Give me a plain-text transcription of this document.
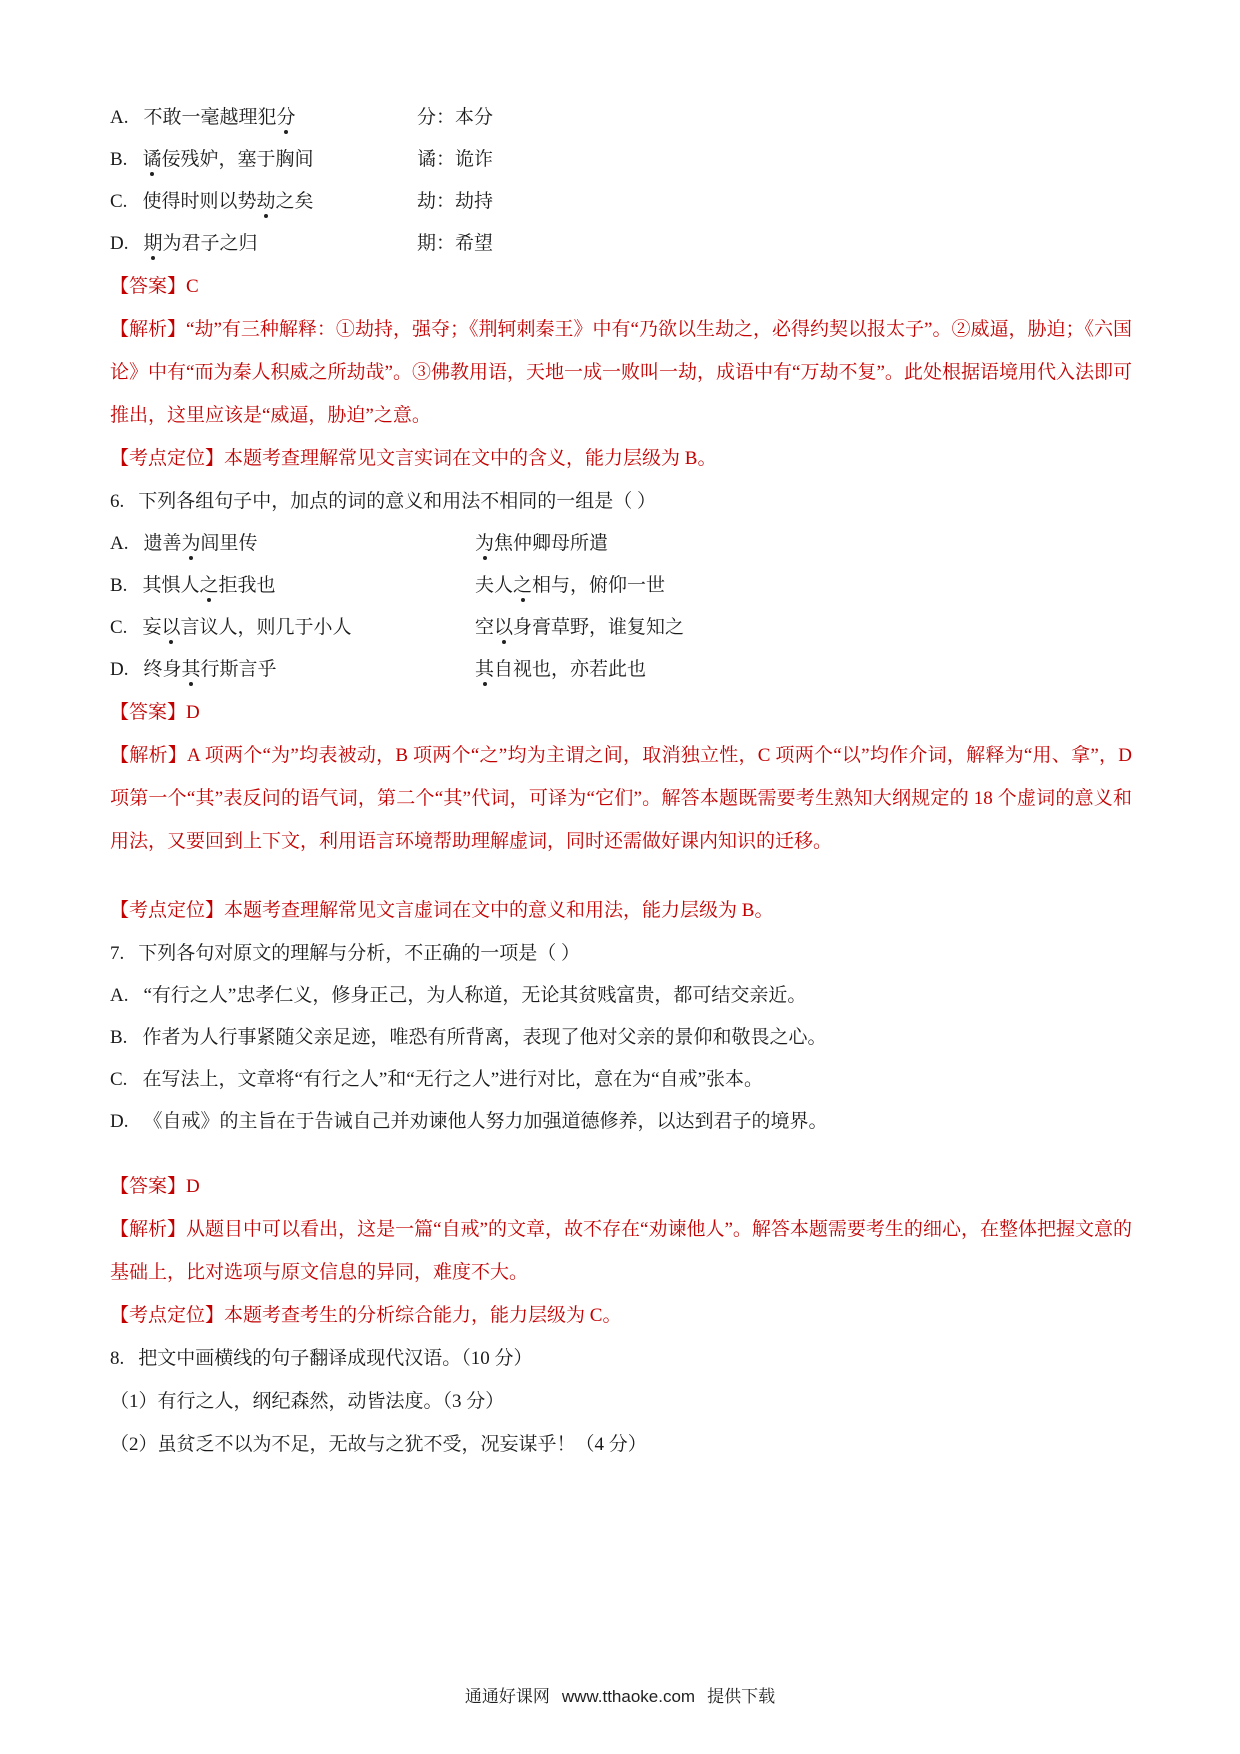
A. 不敢一毫越理犯分	分：本分
B. 谲佞残妒，塞于胸间	谲：诡诈
C. 使得时则以势劫之矣	劫：劫持
D. 期为君子之归	期：希望
【答案】C

【解析】“劫”有三种解释：①劫持，强夺；《荆轲刺秦王》中有“乃欲以生劫之，必得约契以报太子”。②威逼，胁迫；《六国论》中有“而为秦人积威之所劫哉”。③佛教用语，天地一成一败叫一劫，成语中有“万劫不复”。此处根据语境用代入法即可推出，这里应该是“威逼，胁迫”之意。

【考点定位】本题考查理解常见文言实词在文中的含义，能力层级为 B。
6. 下列各组句子中，加点的词的意义和用法不相同的一组是（ ）
A. 遗善为闾里传	为焦仲卿母所遣
B. 其惧人之拒我也	夫人之相与，俯仰一世
C. 妄以言议人，则几于小人	空以身膏草野，谁复知之
D. 终身其行斯言乎	其自视也，亦若此也
【答案】D

【解析】A 项两个“为”均表被动，B 项两个“之”均为主谓之间，取消独立性，C 项两个“以”均作介词，解释为“用、拿”，D 项第一个“其”表反问的语气词，第二个“其”代词，可译为“它们”。解答本题既需要考生熟知大纲规定的 18 个虚词的意义和用法，又要回到上下文，利用语言环境帮助理解虚词，同时还需做好课内知识的迁移。

【考点定位】本题考查理解常见文言虚词在文中的意义和用法，能力层级为 B。
7. 下列各句对原文的理解与分析，不正确的一项是（ ）
A. “有行之人”忠孝仁义，修身正己，为人称道，无论其贫贱富贵，都可结交亲近。
B. 作者为人行事紧随父亲足迹，唯恐有所背离，表现了他对父亲的景仰和敬畏之心。
C. 在写法上，文章将“有行之人”和“无行之人”进行对比，意在为“自戒”张本。
D. 《自戒》的主旨在于告诫自己并劝谏他人努力加强道德修养，以达到君子的境界。
【答案】D

【解析】从题目中可以看出，这是一篇“自戒”的文章，故不存在“劝谏他人”。解答本题需要考生的细心，在整体把握文意的基础上，比对选项与原文信息的异同，难度不大。

【考点定位】本题考查考生的分析综合能力，能力层级为 C。
8. 把文中画横线的句子翻译成现代汉语。（10 分）
（1）有行之人，纲纪森然，动皆法度。（3 分）
（2）虽贫乏不以为不足，无故与之犹不受，况妄谋乎！（4 分）
通通好课网 www.tthaoke.com 提供下载
